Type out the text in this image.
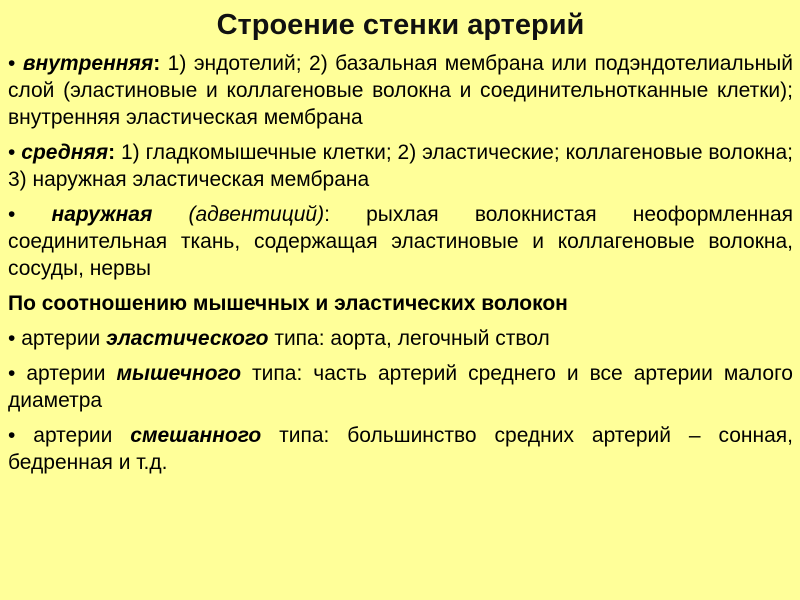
Строение стенки артерий
• внутренняя: 1) эндотелий; 2) базальная мембрана или подэндотелиальный слой (эластиновые и коллагеновые волокна и соединительнотканные клетки); внутренняя эластическая мембрана
• средняя: 1) гладкомышечные клетки; 2) эластические; коллагеновые волокна; 3) наружная эластическая мембрана
• наружная (адвентиций): рыхлая волокнистая неоформленная соединительная ткань, содержащая эластиновые и коллагеновые волокна, сосуды, нервы
По соотношению мышечных и эластических волокон
• артерии эластического типа: аорта, легочный ствол
• артерии мышечного типа: часть артерий среднего и все артерии малого диаметра
• артерии смешанного типа: большинство средних артерий – сонная, бедренная и т.д.
